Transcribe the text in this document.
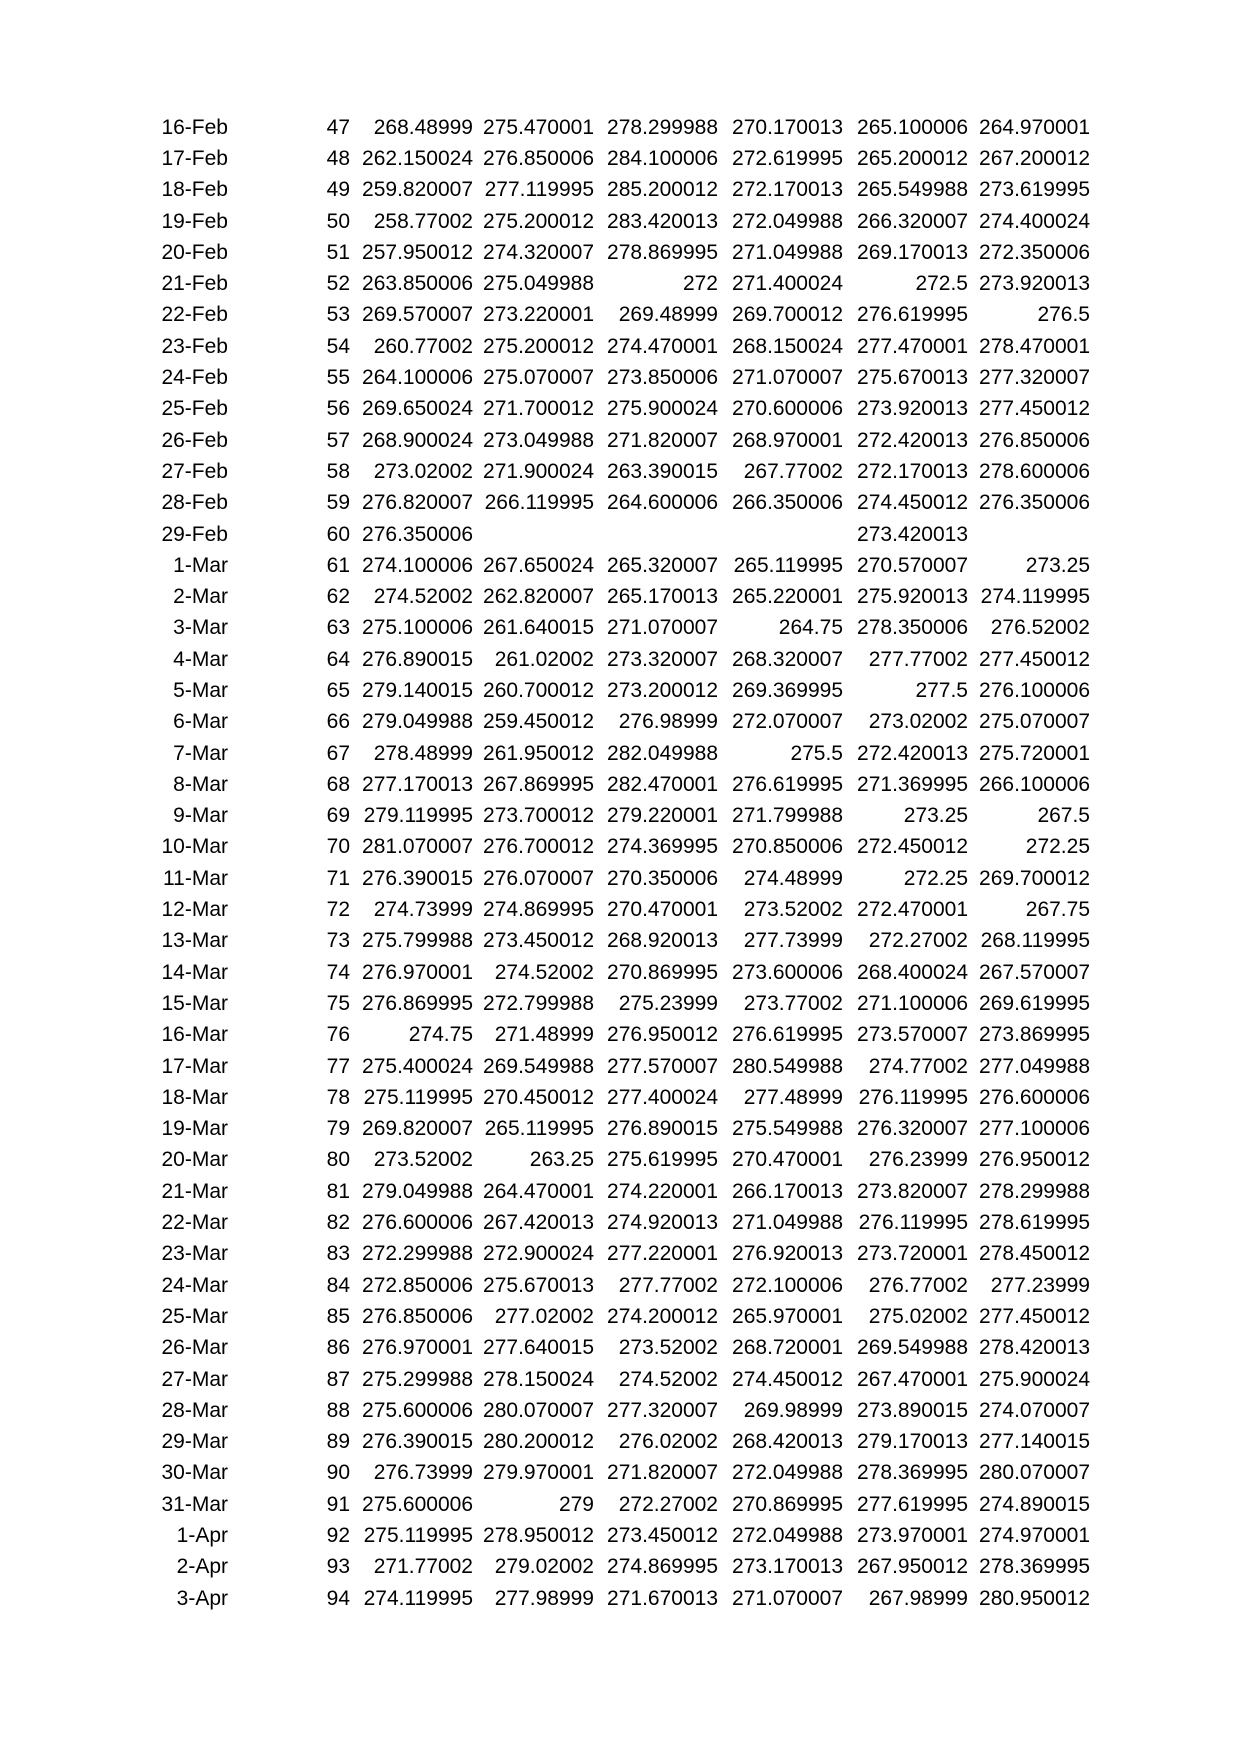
16-Feb	47	268.48999	275.470001	278.299988	270.170013	265.100006	264.970001
17-Feb	48	262.150024	276.850006	284.100006	272.619995	265.200012	267.200012
18-Feb	49	259.820007	277.119995	285.200012	272.170013	265.549988	273.619995
19-Feb	50	258.77002	275.200012	283.420013	272.049988	266.320007	274.400024
20-Feb	51	257.950012	274.320007	278.869995	271.049988	269.170013	272.350006
21-Feb	52	263.850006	275.049988	272	271.400024	272.5	273.920013
22-Feb	53	269.570007	273.220001	269.48999	269.700012	276.619995	276.5
23-Feb	54	260.77002	275.200012	274.470001	268.150024	277.470001	278.470001
24-Feb	55	264.100006	275.070007	273.850006	271.070007	275.670013	277.320007
25-Feb	56	269.650024	271.700012	275.900024	270.600006	273.920013	277.450012
26-Feb	57	268.900024	273.049988	271.820007	268.970001	272.420013	276.850006
27-Feb	58	273.02002	271.900024	263.390015	267.77002	272.170013	278.600006
28-Feb	59	276.820007	266.119995	264.600006	266.350006	274.450012	276.350006
29-Feb	60	276.350006				273.420013	
1-Mar	61	274.100006	267.650024	265.320007	265.119995	270.570007	273.25
2-Mar	62	274.52002	262.820007	265.170013	265.220001	275.920013	274.119995
3-Mar	63	275.100006	261.640015	271.070007	264.75	278.350006	276.52002
4-Mar	64	276.890015	261.02002	273.320007	268.320007	277.77002	277.450012
5-Mar	65	279.140015	260.700012	273.200012	269.369995	277.5	276.100006
6-Mar	66	279.049988	259.450012	276.98999	272.070007	273.02002	275.070007
7-Mar	67	278.48999	261.950012	282.049988	275.5	272.420013	275.720001
8-Mar	68	277.170013	267.869995	282.470001	276.619995	271.369995	266.100006
9-Mar	69	279.119995	273.700012	279.220001	271.799988	273.25	267.5
10-Mar	70	281.070007	276.700012	274.369995	270.850006	272.450012	272.25
11-Mar	71	276.390015	276.070007	270.350006	274.48999	272.25	269.700012
12-Mar	72	274.73999	274.869995	270.470001	273.52002	272.470001	267.75
13-Mar	73	275.799988	273.450012	268.920013	277.73999	272.27002	268.119995
14-Mar	74	276.970001	274.52002	270.869995	273.600006	268.400024	267.570007
15-Mar	75	276.869995	272.799988	275.23999	273.77002	271.100006	269.619995
16-Mar	76	274.75	271.48999	276.950012	276.619995	273.570007	273.869995
17-Mar	77	275.400024	269.549988	277.570007	280.549988	274.77002	277.049988
18-Mar	78	275.119995	270.450012	277.400024	277.48999	276.119995	276.600006
19-Mar	79	269.820007	265.119995	276.890015	275.549988	276.320007	277.100006
20-Mar	80	273.52002	263.25	275.619995	270.470001	276.23999	276.950012
21-Mar	81	279.049988	264.470001	274.220001	266.170013	273.820007	278.299988
22-Mar	82	276.600006	267.420013	274.920013	271.049988	276.119995	278.619995
23-Mar	83	272.299988	272.900024	277.220001	276.920013	273.720001	278.450012
24-Mar	84	272.850006	275.670013	277.77002	272.100006	276.77002	277.23999
25-Mar	85	276.850006	277.02002	274.200012	265.970001	275.02002	277.450012
26-Mar	86	276.970001	277.640015	273.52002	268.720001	269.549988	278.420013
27-Mar	87	275.299988	278.150024	274.52002	274.450012	267.470001	275.900024
28-Mar	88	275.600006	280.070007	277.320007	269.98999	273.890015	274.070007
29-Mar	89	276.390015	280.200012	276.02002	268.420013	279.170013	277.140015
30-Mar	90	276.73999	279.970001	271.820007	272.049988	278.369995	280.070007
31-Mar	91	275.600006	279	272.27002	270.869995	277.619995	274.890015
1-Apr	92	275.119995	278.950012	273.450012	272.049988	273.970001	274.970001
2-Apr	93	271.77002	279.02002	274.869995	273.170013	267.950012	278.369995
3-Apr	94	274.119995	277.98999	271.670013	271.070007	267.98999	280.950012
